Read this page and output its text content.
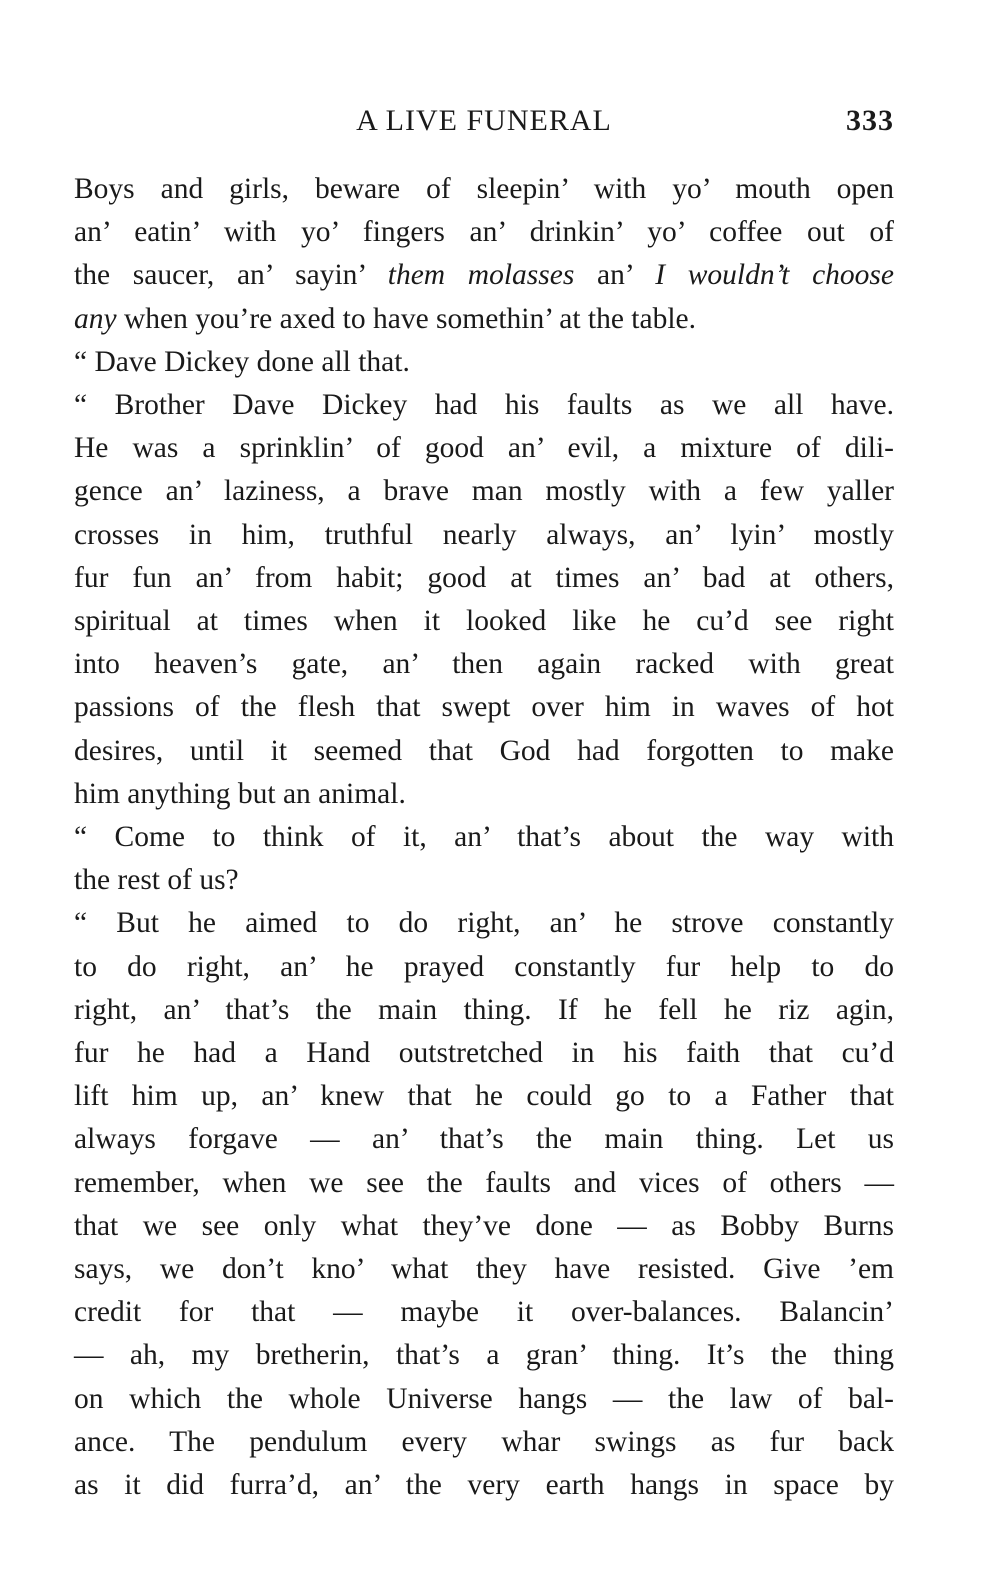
A LIVE FUNERAL	333

Boys and girls, beware of sleepin’ with yo’ mouth open
an’ eatin’ with yo’ fingers an’ drinkin’ yo’ coffee out of
the saucer, an’ sayin’ them molasses an’ I wouldn’t choose
any when you’re axed to have somethin’ at the table.

“ Dave Dickey done all that.

“ Brother Dave Dickey had his faults as we all have.
He was a sprinklin’ of good an’ evil, a mixture of dili-
gence an’ laziness, a brave man mostly with a few yaller
crosses in him, truthful nearly always, an’ lyin’ mostly
fur fun an’ from habit; good at times an’ bad at others,
spiritual at times when it looked like he cu’d see right
into heaven’s gate, an’ then again racked with great
passions of the flesh that swept over him in waves of hot
desires, until it seemed that God had forgotten to make
him anything but an animal.

“ Come to think of it, an’ that’s about the way with
the rest of us?

“ But he aimed to do right, an’ he strove constantly
to do right, an’ he prayed constantly fur help to do
right, an’ that’s the main thing. If he fell he riz agin,
fur he had a Hand outstretched in his faith that cu’d
lift him up, an’ knew that he could go to a Father that
always forgave — an’ that’s the main thing. Let us
remember, when we see the faults and vices of others —
that we see only what they’ve done — as Bobby Burns
says, we don’t kno’ what they have resisted. Give ’em
credit for that — maybe it over-balances. Balancin’
— ah, my bretherin, that’s a gran’ thing. It’s the thing
on which the whole Universe hangs — the law of bal-
ance. The pendulum every whar swings as fur back
as it did furra’d, an’ the very earth hangs in space by
